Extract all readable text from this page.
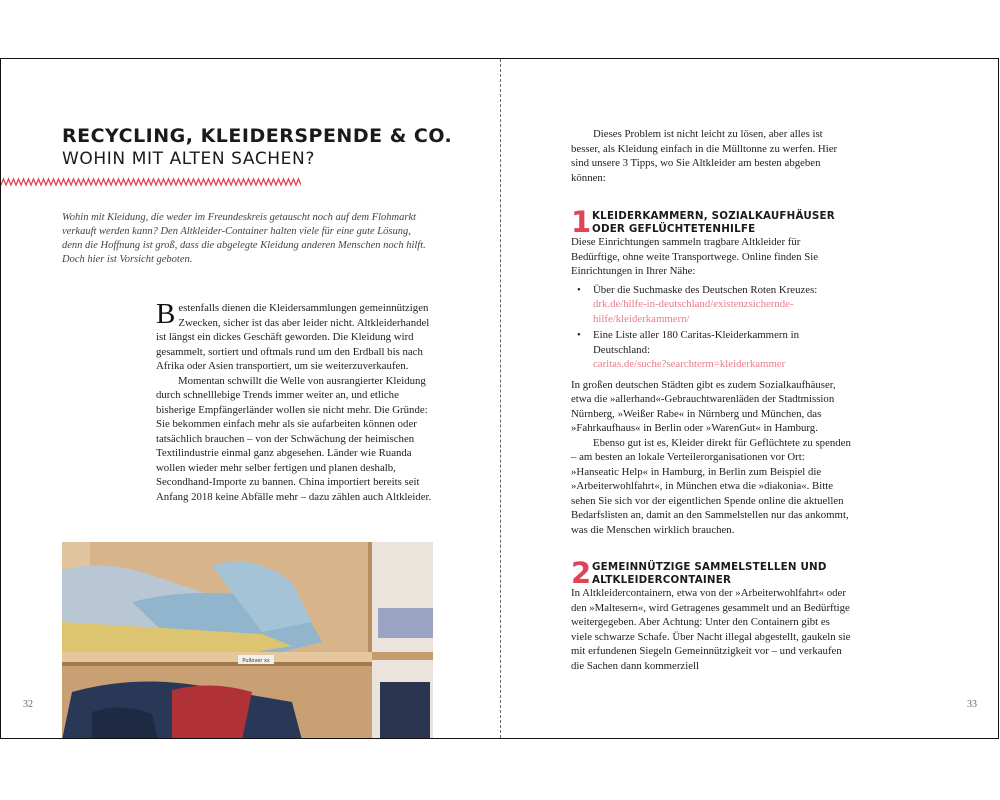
RECYCLING, KLEIDERSPENDE & CO.
WOHIN MIT ALTEN SACHEN?
Wohin mit Kleidung, die weder im Freundeskreis getauscht noch auf dem Flohmarkt verkauft werden kann? Den Altkleider-Container halten viele für eine gute Lösung, denn die Hoffnung ist groß, dass die abgelegte Kleidung anderen Menschen noch hilft. Doch hier ist Vorsicht geboten.

Bestenfalls dienen die Kleidersammlungen gemeinnützigen Zwecken, sicher ist das aber leider nicht. Altkleiderhandel ist längst ein dickes Geschäft geworden. Die Kleidung wird gesammelt, sortiert und oftmals rund um den Erdball bis nach Afrika oder Asien transportiert, um sie weiterzuverkaufen.

Momentan schwillt die Welle von ausrangierter Kleidung durch schnelllebige Trends immer weiter an, und etliche bisherige Empfängerländer wollen sie nicht mehr. Die Gründe: Sie bekommen einfach mehr als sie aufarbeiten können oder tatsächlich brauchen – von der Schwächung der heimischen Textilindustrie einmal ganz abgesehen. Länder wie Ruanda wollen wieder mehr selber fertigen und planen deshalb, Secondhand-Importe zu bannen. China importiert bereits seit Anfang 2018 keine Abfälle mehr – dazu zählen auch Altkleider.

Pullover xs
32

Dieses Problem ist nicht leicht zu lösen, aber alles ist besser, als Kleidung einfach in die Mülltonne zu werfen. Hier sind unsere 3 Tipps, wo Sie Altkleider am besten abgeben können:

1 KLEIDERKAMMERN, SOZIALKAUFHÄUSER
ODER GEFLÜCHTETENHILFE

Diese Einrichtungen sammeln tragbare Altkleider für Bedürftige, ohne weite Transportwege. Online finden Sie Einrichtungen in Ihrer Nähe:

• Über die Suchmaske des Deutschen Roten Kreuzes:
drk.de/hilfe-in-deutschland/existenzsichernde-hilfe/kleiderkammern/
• Eine Liste aller 180 Caritas-Kleiderkammern in Deutschland:
caritas.de/suche?searchterm=kleiderkammer

In großen deutschen Städten gibt es zudem Sozialkaufhäuser, etwa die »allerhand«-Gebrauchtwarenläden der Stadtmission Nürnberg, »Weißer Rabe« in Nürnberg und München, das »Fahrkaufhaus« in Berlin oder »WarenGut« in Hamburg.

Ebenso gut ist es, Kleider direkt für Geflüchtete zu spenden – am besten an lokale Verteilerorganisationen vor Ort: »Hanseatic Help« in Hamburg, in Berlin zum Beispiel die »Arbeiterwohlfahrt«, in München etwa die »diakonia«. Bitte sehen Sie sich vor der eigentlichen Spende online die aktuellen Bedarfslisten an, damit an den Sammelstellen nur das ankommt, was die Menschen wirklich brauchen.

2 GEMEINNÜTZIGE SAMMELSTELLEN UND
ALTKLEIDERCONTAINER

In Altkleidercontainern, etwa von der »Arbeiterwohlfahrt« oder den »Maltesern«, wird Getragenes gesammelt und an Bedürftige weitergegeben. Aber Achtung: Unter den Containern gibt es viele schwarze Schafe. Über Nacht illegal abgestellt, gaukeln sie mit erfundenen Siegeln Gemeinnützigkeit vor – und verkaufen die Sachen dann kommerziell

33
